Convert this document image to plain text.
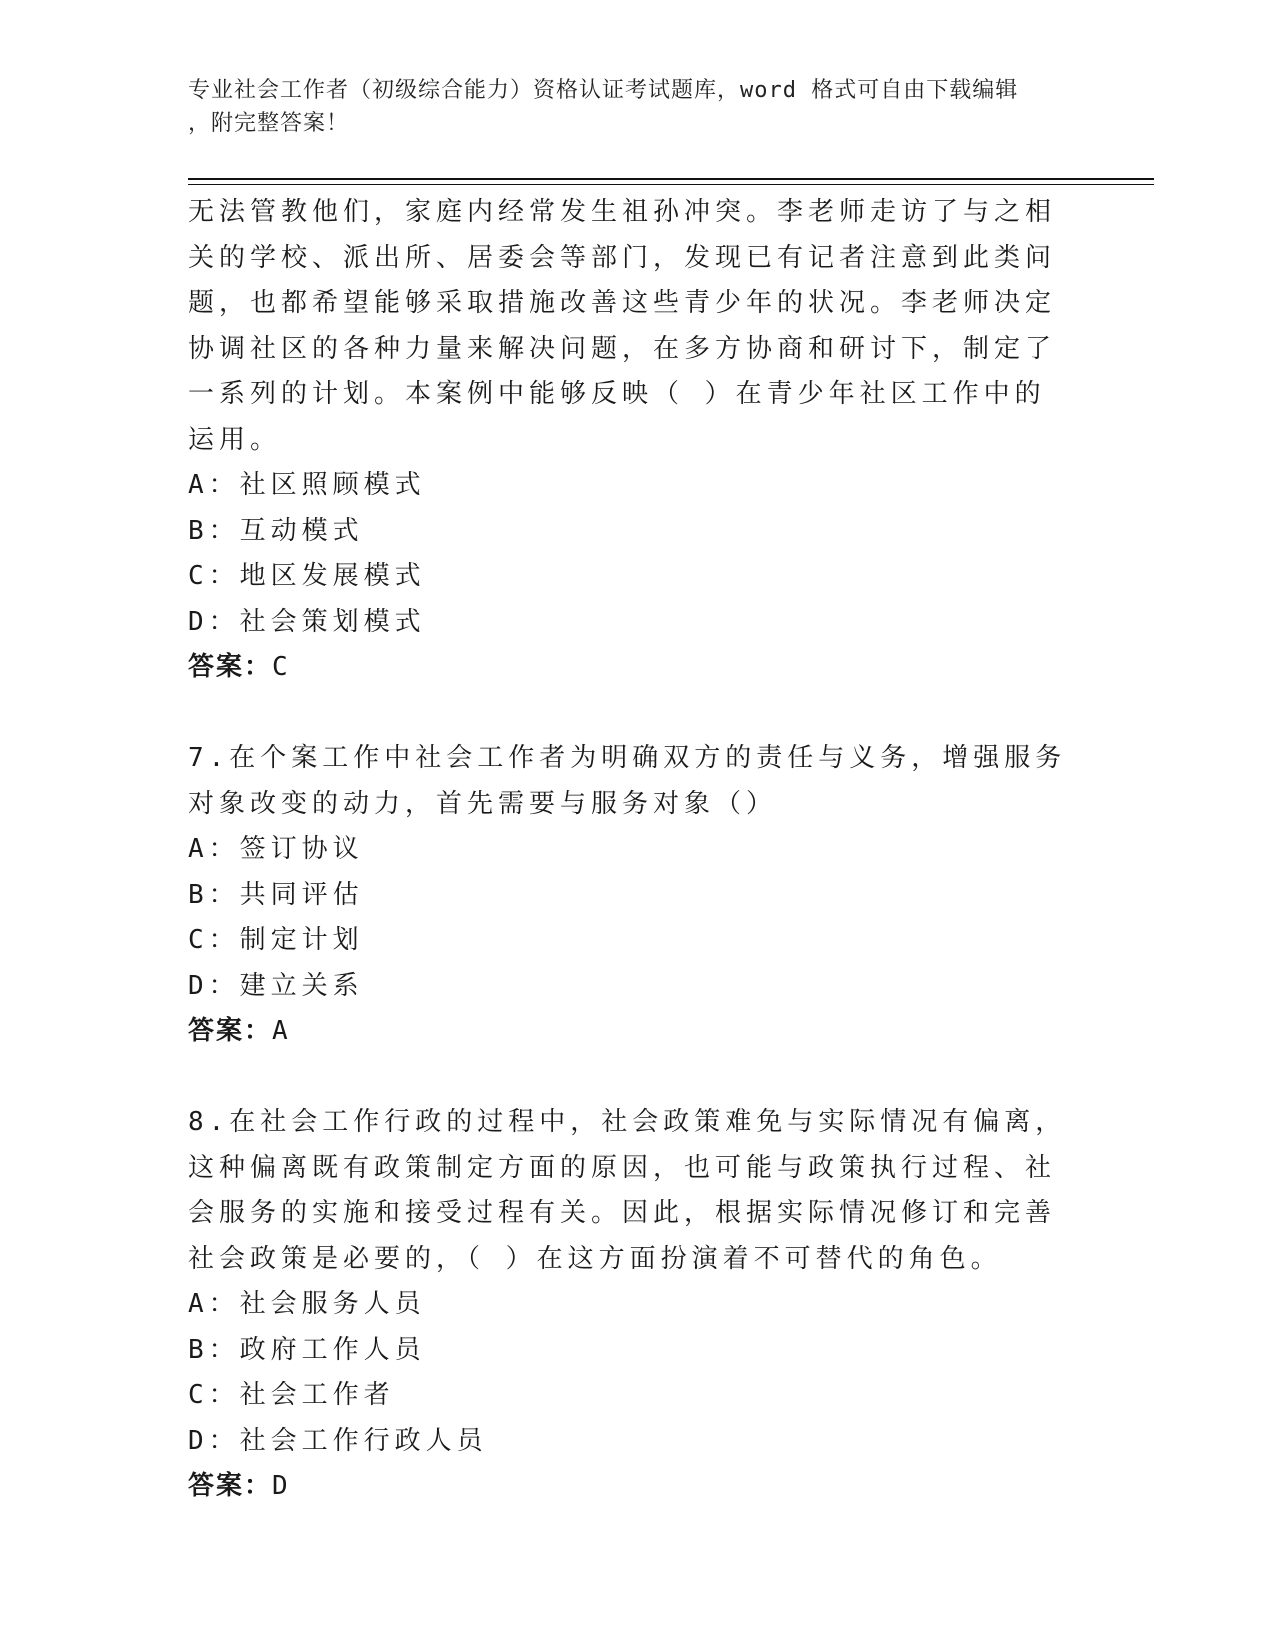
专业社会工作者（初级综合能力）资格认证考试题库，word 格式可自由下载编辑
，附完整答案！

无法管教他们，家庭内经常发生祖孙冲突。李老师走访了与之相关的学校、派出所、居委会等部门，发现已有记者注意到此类问题，也都希望能够采取措施改善这些青少年的状况。李老师决定协调社区的各种力量来解决问题，在多方协商和研讨下，制定了一系列的计划。本案例中能够反映（ ）在青少年社区工作中的运用。

A：社区照顾模式

B：互动模式

C：地区发展模式

D：社会策划模式

答案：C

7.在个案工作中社会工作者为明确双方的责任与义务，增强服务对象改变的动力，首先需要与服务对象（）

A：签订协议

B：共同评估

C：制定计划

D：建立关系

答案：A

8.在社会工作行政的过程中，社会政策难免与实际情况有偏离，这种偏离既有政策制定方面的原因，也可能与政策执行过程、社会服务的实施和接受过程有关。因此，根据实际情况修订和完善社会政策是必要的，（ ）在这方面扮演着不可替代的角色。

A：社会服务人员

B：政府工作人员

C：社会工作者

D：社会工作行政人员

答案：D
